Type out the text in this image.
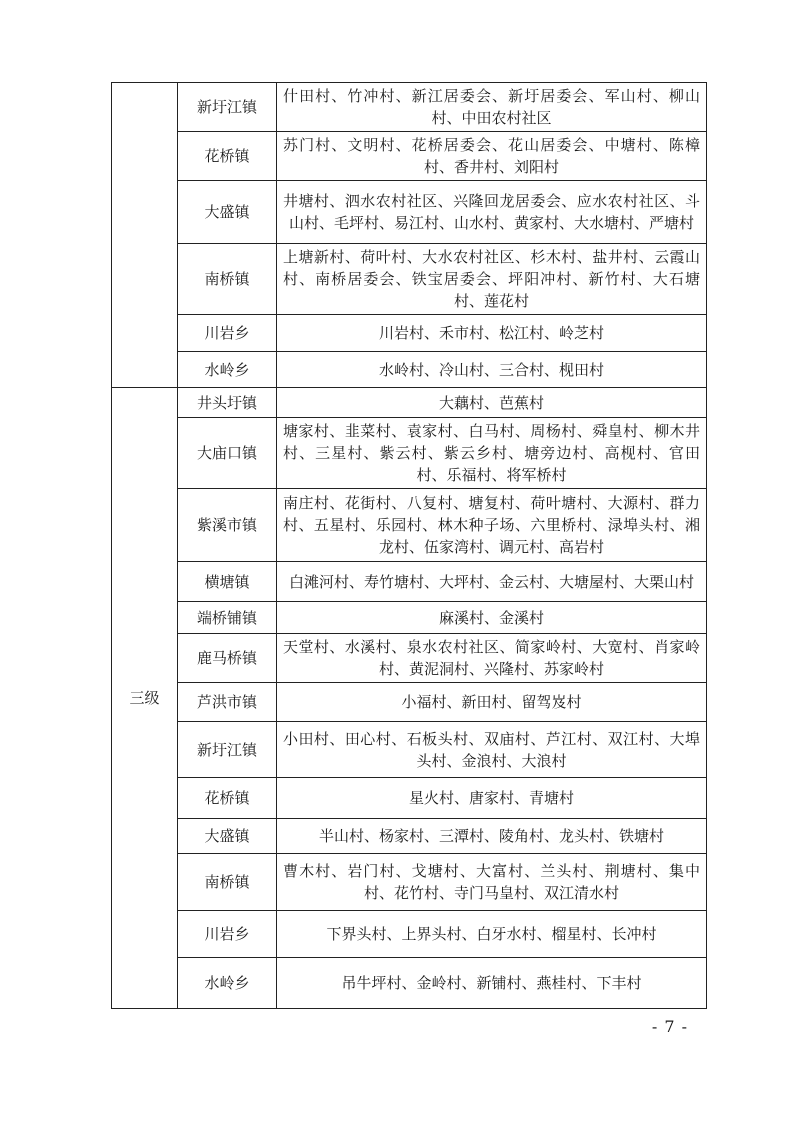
	新圩江镇	什田村、竹冲村、新江居委会、新圩居委会、军山村、柳山村、中田农村社区
	花桥镇	苏门村、文明村、花桥居委会、花山居委会、中塘村、陈樟村、香井村、刘阳村
	大盛镇	井塘村、泗水农村社区、兴隆回龙居委会、应水农村社区、斗山村、毛坪村、易江村、山水村、黄家村、大水塘村、严塘村
	南桥镇	上塘新村、荷叶村、大水农村社区、杉木村、盐井村、云霞山村、南桥居委会、铁宝居委会、坪阳冲村、新竹村、大石塘村、莲花村
	川岩乡	川岩村、禾市村、松江村、岭芝村
	水岭乡	水岭村、冷山村、三合村、枧田村
三级	井头圩镇	大藕村、芭蕉村
	大庙口镇	塘家村、韭菜村、袁家村、白马村、周杨村、舜皇村、柳木井村、三星村、紫云村、紫云乡村、塘旁边村、高枧村、官田村、乐福村、将军桥村
	紫溪市镇	南庄村、花街村、八复村、塘复村、荷叶塘村、大源村、群力村、五星村、乐园村、林木种子场、六里桥村、渌埠头村、湘龙村、伍家湾村、调元村、高岩村
	横塘镇	白滩河村、寿竹塘村、大坪村、金云村、大塘屋村、大栗山村
	端桥铺镇	麻溪村、金溪村
	鹿马桥镇	天堂村、水溪村、泉水农村社区、简家岭村、大宽村、肖家岭村、黄泥洞村、兴隆村、苏家岭村
	芦洪市镇	小福村、新田村、留驾岌村
	新圩江镇	小田村、田心村、石板头村、双庙村、芦江村、双江村、大埠头村、金浪村、大浪村
	花桥镇	星火村、唐家村、青塘村
	大盛镇	半山村、杨家村、三潭村、陵角村、龙头村、铁塘村
	南桥镇	曹木村、岩门村、戈塘村、大富村、兰头村、荆塘村、集中村、花竹村、寺门马皇村、双江清水村
	川岩乡	下界头村、上界头村、白牙水村、榴星村、长冲村
	水岭乡	吊牛坪村、金岭村、新铺村、燕桂村、下丰村
- 7 -
